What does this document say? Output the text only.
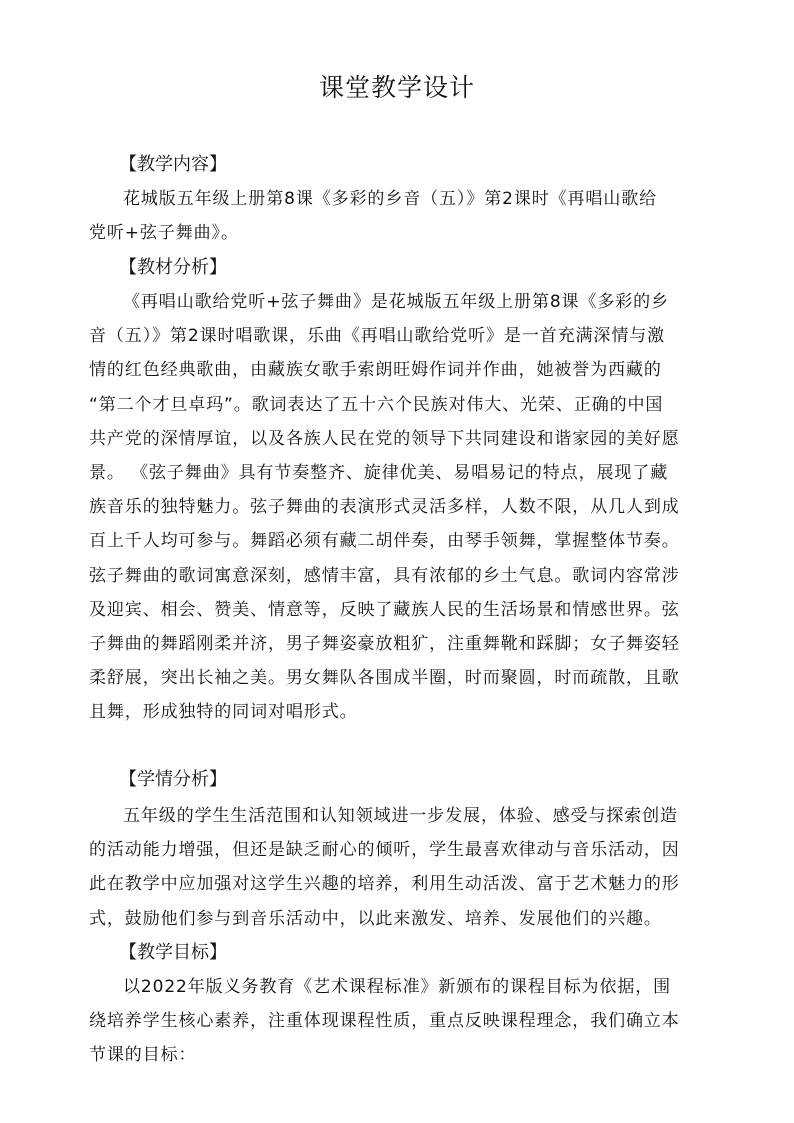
课堂教学设计
【教学内容】
花城版五年级上册第8课《多彩的乡音（五）》第2课时《再唱山歌给
党听+弦子舞曲》。
【教材分析】
《再唱山歌给党听+弦子舞曲》是花城版五年级上册第8课《多彩的乡
音（五）》第2课时唱歌课，乐曲《再唱山歌给党听》是一首充满深情与激
情的红色经典歌曲，由藏族女歌手索朗旺姆作词并作曲，她被誉为西藏的
“第二个才旦卓玛”。歌词表达了五十六个民族对伟大、光荣、正确的中国
共产党的深情厚谊，以及各族人民在党的领导下共同建设和谐家园的美好愿
景。 《弦子舞曲》具有节奏整齐、旋律优美、易唱易记的特点，展现了藏
族音乐的独特魅力。弦子舞曲的表演形式灵活多样，人数不限，从几人到成
百上千人均可参与。舞蹈必须有藏二胡伴奏，由琴手领舞，掌握整体节奏。
弦子舞曲的歌词寓意深刻，感情丰富，具有浓郁的乡土气息。歌词内容常涉
及迎宾、相会、赞美、情意等，反映了藏族人民的生活场景和情感世界。弦
子舞曲的舞蹈刚柔并济，男子舞姿豪放粗犷，注重舞靴和踩脚；女子舞姿轻
柔舒展，突出长袖之美。男女舞队各围成半圈，时而聚圆，时而疏散，且歌
且舞，形成独特的同词对唱形式。
【学情分析】
五年级的学生生活范围和认知领域进一步发展，体验、感受与探索创造
的活动能力增强，但还是缺乏耐心的倾听，学生最喜欢律动与音乐活动，因
此在教学中应加强对这学生兴趣的培养，利用生动活泼、富于艺术魅力的形
式，鼓励他们参与到音乐活动中，以此来激发、培养、发展他们的兴趣。
【教学目标】
以2022年版义务教育《艺术课程标准》新颁布的课程目标为依据，围
绕培养学生核心素养，注重体现课程性质，重点反映课程理念，我们确立本
节课的目标：
